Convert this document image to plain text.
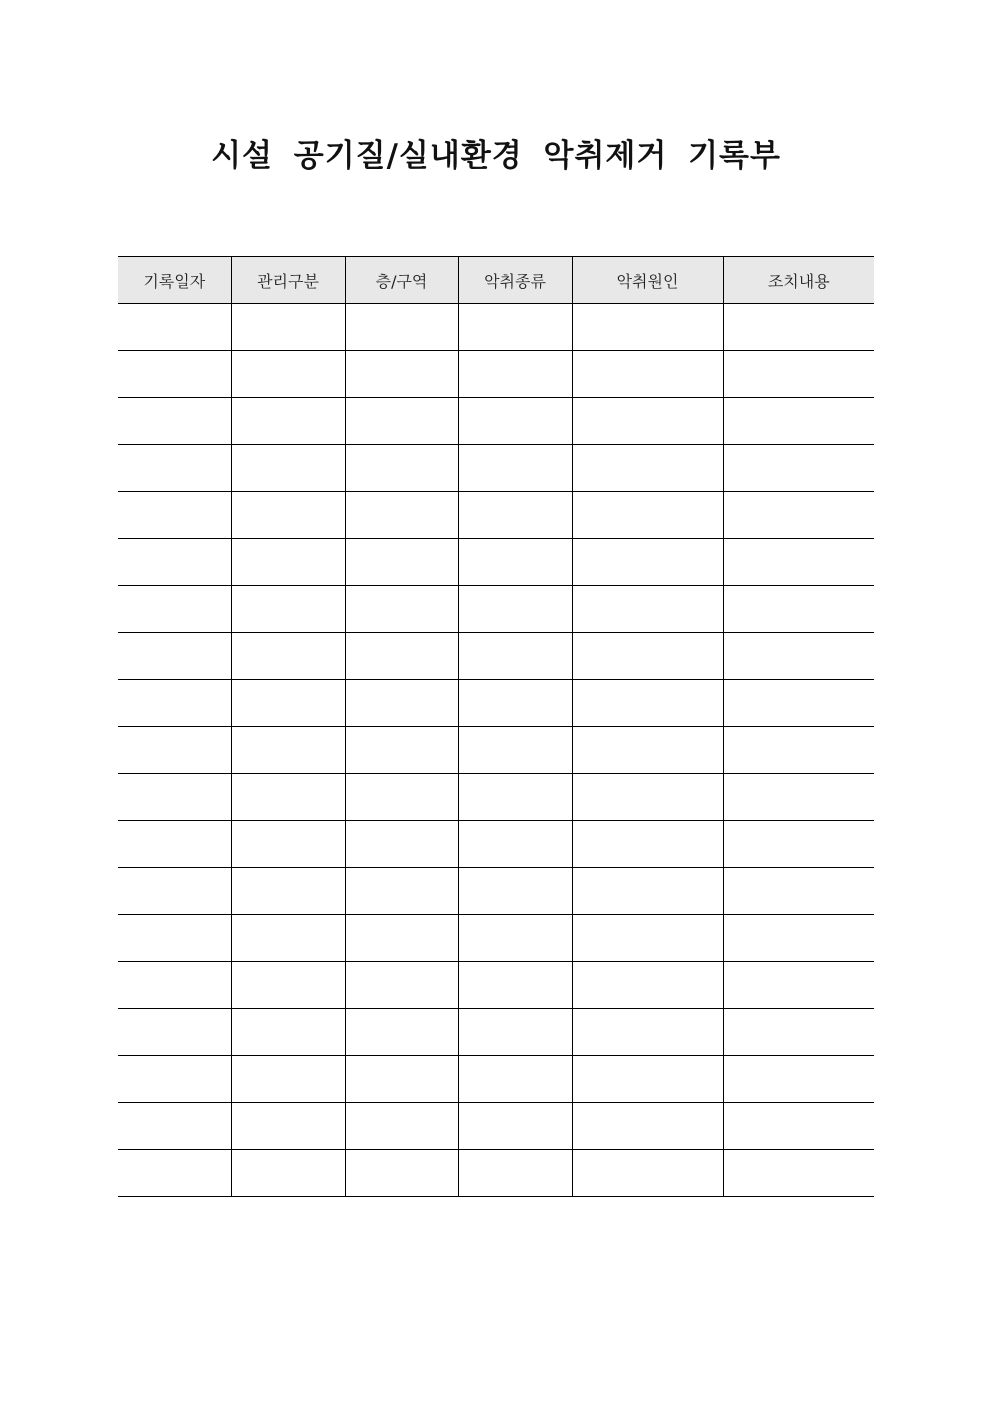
시설 공기질/실내환경 악취제거 기록부
기록일자	관리구분	층/구역	악취종류	악취원인	조치내용
